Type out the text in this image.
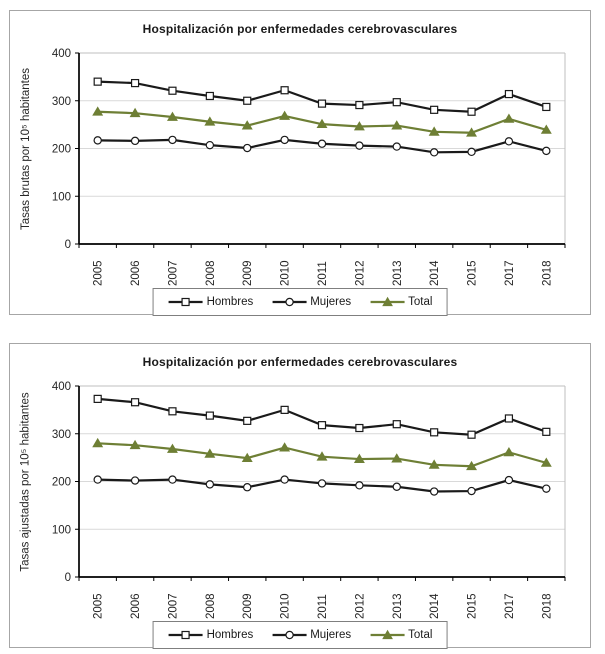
Hospitalización por enfermedades cerebrovasculares
Tasas brutas por 10⁵ habitantes
0
100
200
300
400
2005 2006 2007 2008 2009 2010 2011 2012 2013 2014 2015 2017 2018
Hombres	Mujeres	Total
Hospitalización por enfermedades cerebrovasculares
Tasas ajustadas por 10⁵ habitantes
0
100
200
300
400
2005 2006 2007 2008 2009 2010 2011 2012 2013 2014 2015 2017 2018
Hombres	Mujeres	Total
